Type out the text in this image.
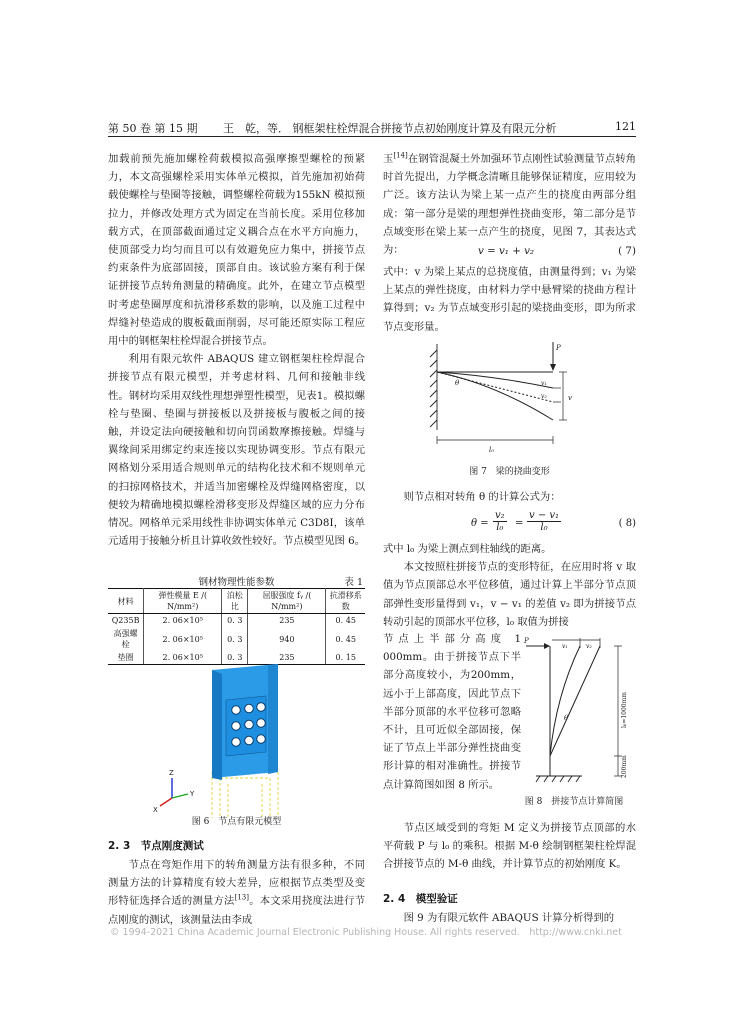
第 50 卷 第 15 期　　 王　乾，等． 钢框架柱栓焊混合拼接节点初始刚度计算及有限元分析	121

加载前预先施加螺栓荷载模拟高强摩擦型螺栓的预紧力，本文高强螺栓采用实体单元模拟，首先施加初始荷载使螺栓与垫圈等接触，调整螺栓荷载为155kN 模拟预拉力，并修改处理方式为固定在当前长度。采用位移加载方式，在顶部截面通过定义耦合点在水平方向施力，使顶部受力均匀而且可以有效避免应力集中，拼接节点约束条件为底部固接，顶部自由。该试验方案有利于保证拼接节点转角测量的精确度。此外，在建立节点模型时考虑垫圈厚度和抗滑移系数的影响，以及施工过程中焊缝衬垫造成的腹板截面削弱，尽可能还原实际工程应用中的钢框架柱栓焊混合拼接节点。

利用有限元软件 ABAQUS 建立钢框架柱栓焊混合拼接节点有限元模型，并考虑材料、几何和接触非线性。钢材均采用双线性理想弹塑性模型，见表1。模拟螺栓与垫圈、垫圈与拼接板以及拼接板与腹板之间的接触，并设定法向硬接触和切向罚函数摩擦接触。焊缝与翼缘间采用绑定约束连接以实现协调变形。节点有限元网格划分采用适合规则单元的结构化技术和不规则单元的扫掠网格技术，并适当加密螺栓及焊缝网格密度，以便较为精确地模拟螺栓滑移变形及焊缝区域的应力分布情况。网格单元采用线性非协调实体单元 C3D8I，该单元适用于接触分析且计算收敛性较好。节点模型见图 6。

钢材物理性能参数	表 1
材料	弹性模量 E /( N/mm²)	泊松比	屈服强度 fᵧ /( N/mm²)	抗滑移系数
Q235B	2. 06×10⁵	0. 3	235	0. 45
高强螺栓	2. 06×10⁵	0. 3	940	0. 45
垫圈	2. 06×10⁵	0. 3	235	0. 15
Z
Y
X
图 6　节点有限元模型
2. 3　节点刚度测试

节点在弯矩作用下的转角测量方法有很多种，不同测量方法的计算精度有较大差异，应根据节点类型及变形特征选择合适的测量方法[13]。本文采用挠度法进行节点刚度的测试，该测量法由李成

玉[14]在钢管混凝土外加强环节点刚性试验测量节点转角时首先提出，力学概念清晰且能够保证精度，应用较为广泛。该方法认为梁上某一点产生的挠度由两部分组成：第一部分是梁的理想弹性挠曲变形，第二部分是节点域变形在梁上某一点产生的挠度，见图 7，其表达式为：	v = v₁ + v₂	( 7)

式中：v 为梁上某点的总挠度值，由测量得到；v₁ 为梁上某点的弹性挠度，由材料力学中悬臂梁的挠曲方程计算得到；v₂ 为节点域变形引起的梁挠曲变形，即为所求节点变形量。

P
v
v₁
v₂
θ
l₀
图 7　梁的挠曲变形
则节点相对转角 θ 的计算公式为：
$\theta = \frac{\text{v₂}}{\text{l₀}} = \frac{\text{v − v₁}}{\text{l₀}}$	( 8)

式中 l₀ 为梁上测点到柱轴线的距离。

本文按照柱拼接节点的变形特征，在应用时将 v 取值为节点顶部总水平位移值，通过计算上半部分节点顶部弹性变形量得到 v₁，v − v₁ 的差值 v₂ 即为拼接节点转动引起的顶部水平位移，l₀ 取值为拼接

节点上半部分高度 1 000mm。由于拼接节点下半部分高度较小，为200mm，远小于上部高度，因此节点下半部分顶部的水平位移可忽略不计，且可近似全部固接，保证了节点上半部分弹性挠曲变形计算的相对准确性。拼接节点计算简图如图 8 所示。

P
v₁	v₂
θ	l₀=1000mm
200mm
图 8　拼接节点计算简图

节点区域受到的弯矩 M 定义为拼接节点顶部的水平荷载 P 与 l₀ 的乘积。根据 M-θ 绘制钢框架柱栓焊混合拼接节点的 M-θ 曲线，并计算节点的初始刚度 K。

2. 4　模型验证

图 9 为有限元软件 ABAQUS 计算分析得到的

© 1994-2021 China Academic Journal Electronic Publishing House. All rights reserved.　http://www.cnki.net
